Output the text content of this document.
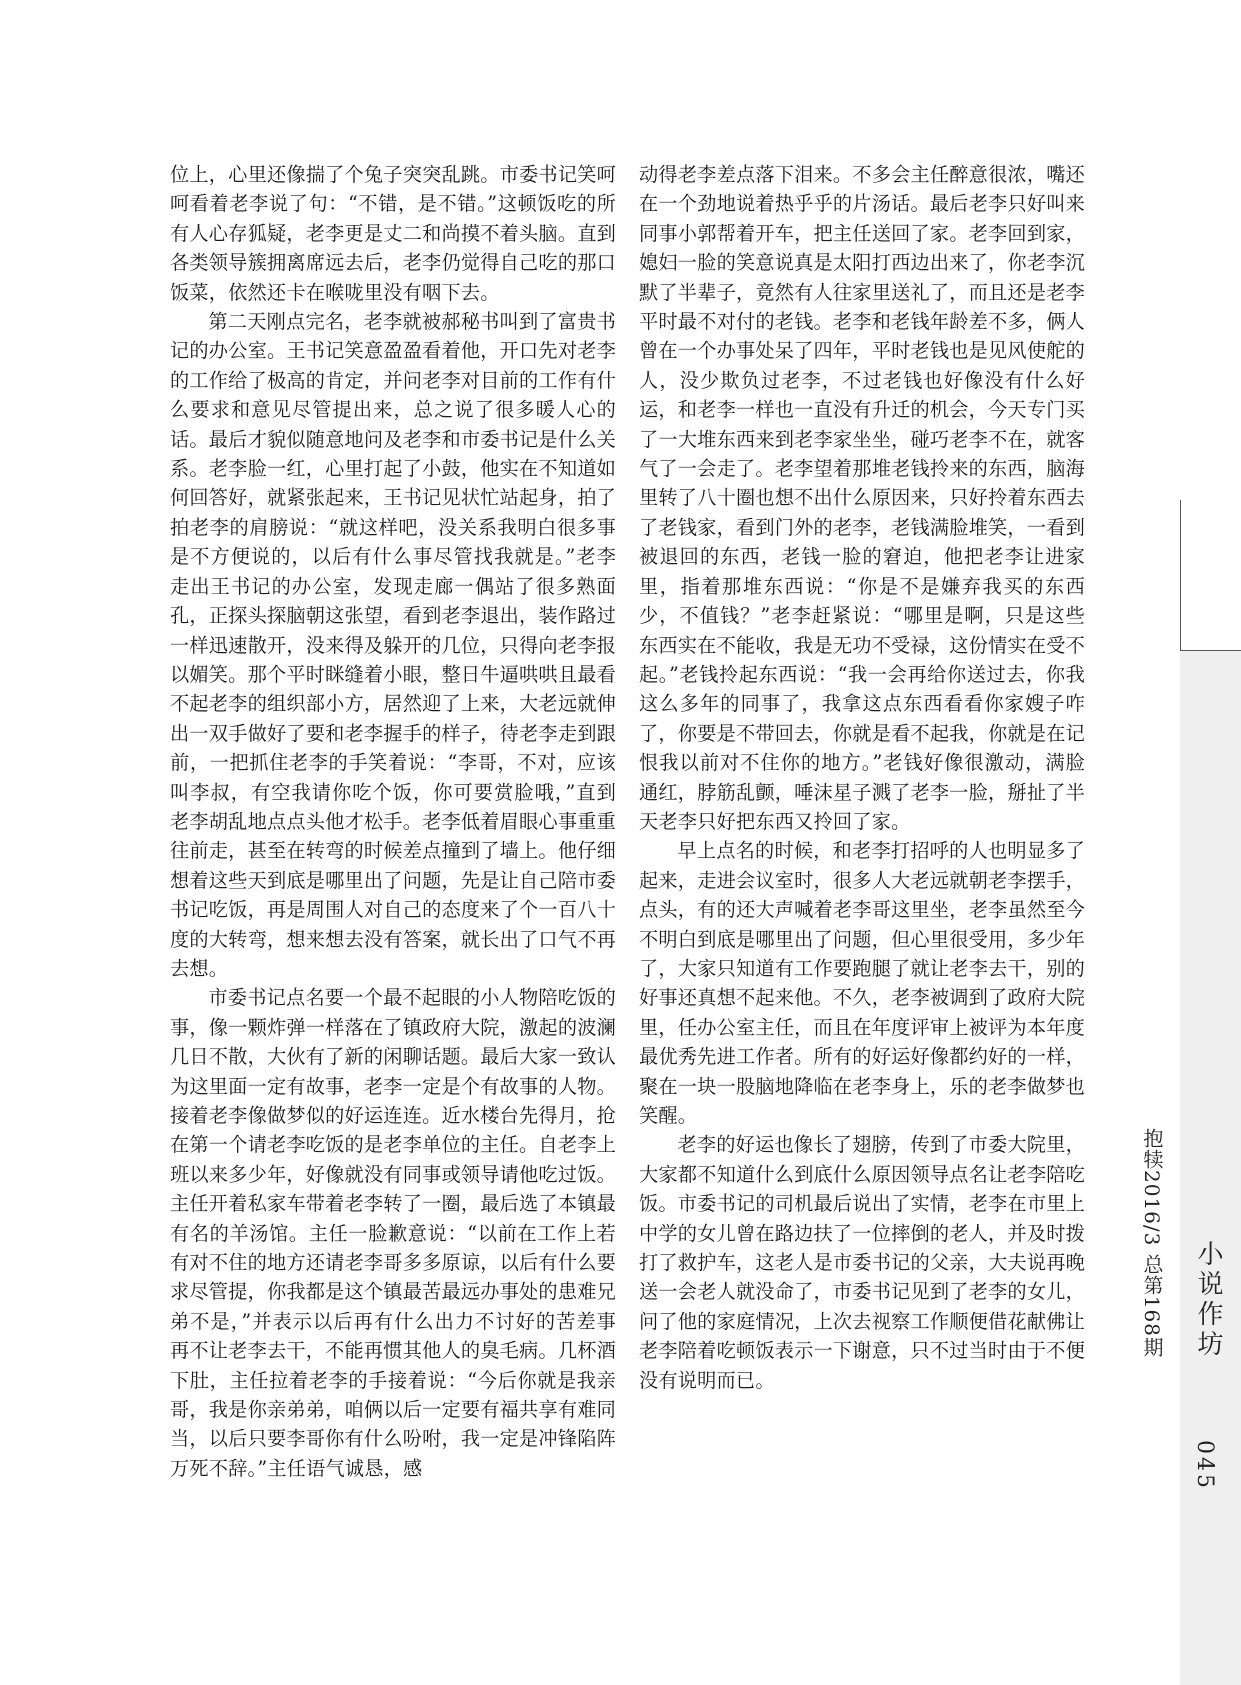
位上，心里还像揣了个兔子突突乱跳。市委书记笑呵呵看着老李说了句：“不错，是不错。”这顿饭吃的所有人心存狐疑，老李更是丈二和尚摸不着头脑。直到各类领导簇拥离席远去后，老李仍觉得自己吃的那口饭菜，依然还卡在喉咙里没有咽下去。

第二天刚点完名，老李就被郝秘书叫到了富贵书记的办公室。王书记笑意盈盈看着他，开口先对老李的工作给了极高的肯定，并问老李对目前的工作有什么要求和意见尽管提出来，总之说了很多暖人心的话。最后才貌似随意地问及老李和市委书记是什么关系。老李脸一红，心里打起了小鼓，他实在不知道如何回答好，就紧张起来，王书记见状忙站起身，拍了拍老李的肩膀说：“就这样吧，没关系我明白很多事是不方便说的，以后有什么事尽管找我就是。”老李走出王书记的办公室，发现走廊一偶站了很多熟面孔，正探头探脑朝这张望，看到老李退出，装作路过一样迅速散开，没来得及躲开的几位，只得向老李报以媚笑。那个平时眯缝着小眼，整日牛逼哄哄且最看不起老李的组织部小方，居然迎了上来，大老远就伸出一双手做好了要和老李握手的样子，待老李走到跟前，一把抓住老李的手笑着说：“李哥，不对，应该叫李叔，有空我请你吃个饭，你可要赏脸哦，”直到老李胡乱地点点头他才松手。老李低着眉眼心事重重往前走，甚至在转弯的时候差点撞到了墙上。他仔细想着这些天到底是哪里出了问题，先是让自己陪市委书记吃饭，再是周围人对自己的态度来了个一百八十度的大转弯，想来想去没有答案，就长出了口气不再去想。

市委书记点名要一个最不起眼的小人物陪吃饭的事，像一颗炸弹一样落在了镇政府大院，激起的波澜几日不散，大伙有了新的闲聊话题。最后大家一致认为这里面一定有故事，老李一定是个有故事的人物。接着老李像做梦似的好运连连。近水楼台先得月，抢在第一个请老李吃饭的是老李单位的主任。自老李上班以来多少年，好像就没有同事或领导请他吃过饭。主任开着私家车带着老李转了一圈，最后选了本镇最有名的羊汤馆。主任一脸歉意说：“以前在工作上若有对不住的地方还请老李哥多多原谅，以后有什么要求尽管提，你我都是这个镇最苦最远办事处的患难兄弟不是，”并表示以后再有什么出力不讨好的苦差事再不让老李去干，不能再惯其他人的臭毛病。几杯酒下肚，主任拉着老李的手接着说：“今后你就是我亲哥，我是你亲弟弟，咱俩以后一定要有福共享有难同当，以后只要李哥你有什么吩咐，我一定是冲锋陷阵万死不辞。”主任语气诚恳，感

动得老李差点落下泪来。不多会主任醉意很浓，嘴还在一个劲地说着热乎乎的片汤话。最后老李只好叫来同事小郭帮着开车，把主任送回了家。老李回到家，媳妇一脸的笑意说真是太阳打西边出来了，你老李沉默了半辈子，竟然有人往家里送礼了，而且还是老李平时最不对付的老钱。老李和老钱年龄差不多，俩人曾在一个办事处呆了四年，平时老钱也是见风使舵的人，没少欺负过老李，不过老钱也好像没有什么好运，和老李一样也一直没有升迁的机会，今天专门买了一大堆东西来到老李家坐坐，碰巧老李不在，就客气了一会走了。老李望着那堆老钱拎来的东西，脑海里转了八十圈也想不出什么原因来，只好拎着东西去了老钱家，看到门外的老李，老钱满脸堆笑，一看到被退回的东西，老钱一脸的窘迫，他把老李让进家里，指着那堆东西说：“你是不是嫌弃我买的东西少，不值钱？”老李赶紧说：“哪里是啊，只是这些东西实在不能收，我是无功不受禄，这份情实在受不起。”老钱拎起东西说：“我一会再给你送过去，你我这么多年的同事了，我拿这点东西看看你家嫂子咋了，你要是不带回去，你就是看不起我，你就是在记恨我以前对不住你的地方。”老钱好像很激动，满脸通红，脖筋乱颤，唾沫星子溅了老李一脸，掰扯了半天老李只好把东西又拎回了家。

早上点名的时候，和老李打招呼的人也明显多了起来，走进会议室时，很多人大老远就朝老李摆手，点头，有的还大声喊着老李哥这里坐，老李虽然至今不明白到底是哪里出了问题，但心里很受用，多少年了，大家只知道有工作要跑腿了就让老李去干，别的好事还真想不起来他。不久，老李被调到了政府大院里，任办公室主任，而且在年度评审上被评为本年度最优秀先进工作者。所有的好运好像都约好的一样，聚在一块一股脑地降临在老李身上，乐的老李做梦也笑醒。

老李的好运也像长了翅膀，传到了市委大院里，大家都不知道什么到底什么原因领导点名让老李陪吃饭。市委书记的司机最后说出了实情，老李在市里上中学的女儿曾在路边扶了一位摔倒的老人，并及时拨打了救护车，这老人是市委书记的父亲，大夫说再晚送一会老人就没命了，市委书记见到了老李的女儿，问了他的家庭情况，上次去视察工作顺便借花献佛让老李陪着吃顿饭表示一下谢意，只不过当时由于不便没有说明而已。

抱犊2016/3 总第168期 小说作坊
045
